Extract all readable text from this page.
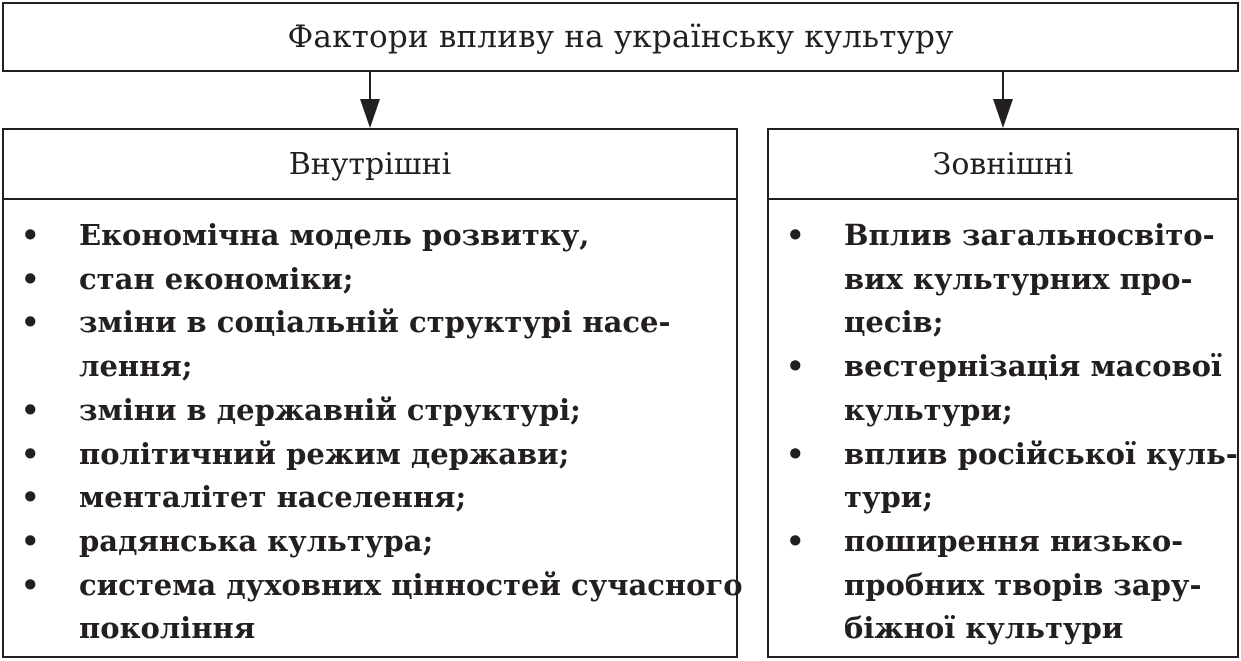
Фактори впливу на українську культуру
Внутрішні
• Економічна модель розвитку,
• стан економіки;
• зміни в соціальній структурі насе-
лення;
• зміни в державній структурі;
• політичний режим держави;
• менталітет населення;
• радянська культура;
• система духовних цінностей сучасного
покоління
Зовнішні
• Вплив загальносвіто-
вих культурних про-
цесів;
• вестернізація масової
культури;
• вплив російської куль-
тури;
• поширення низько-
пробних творів зару-
біжної культури
